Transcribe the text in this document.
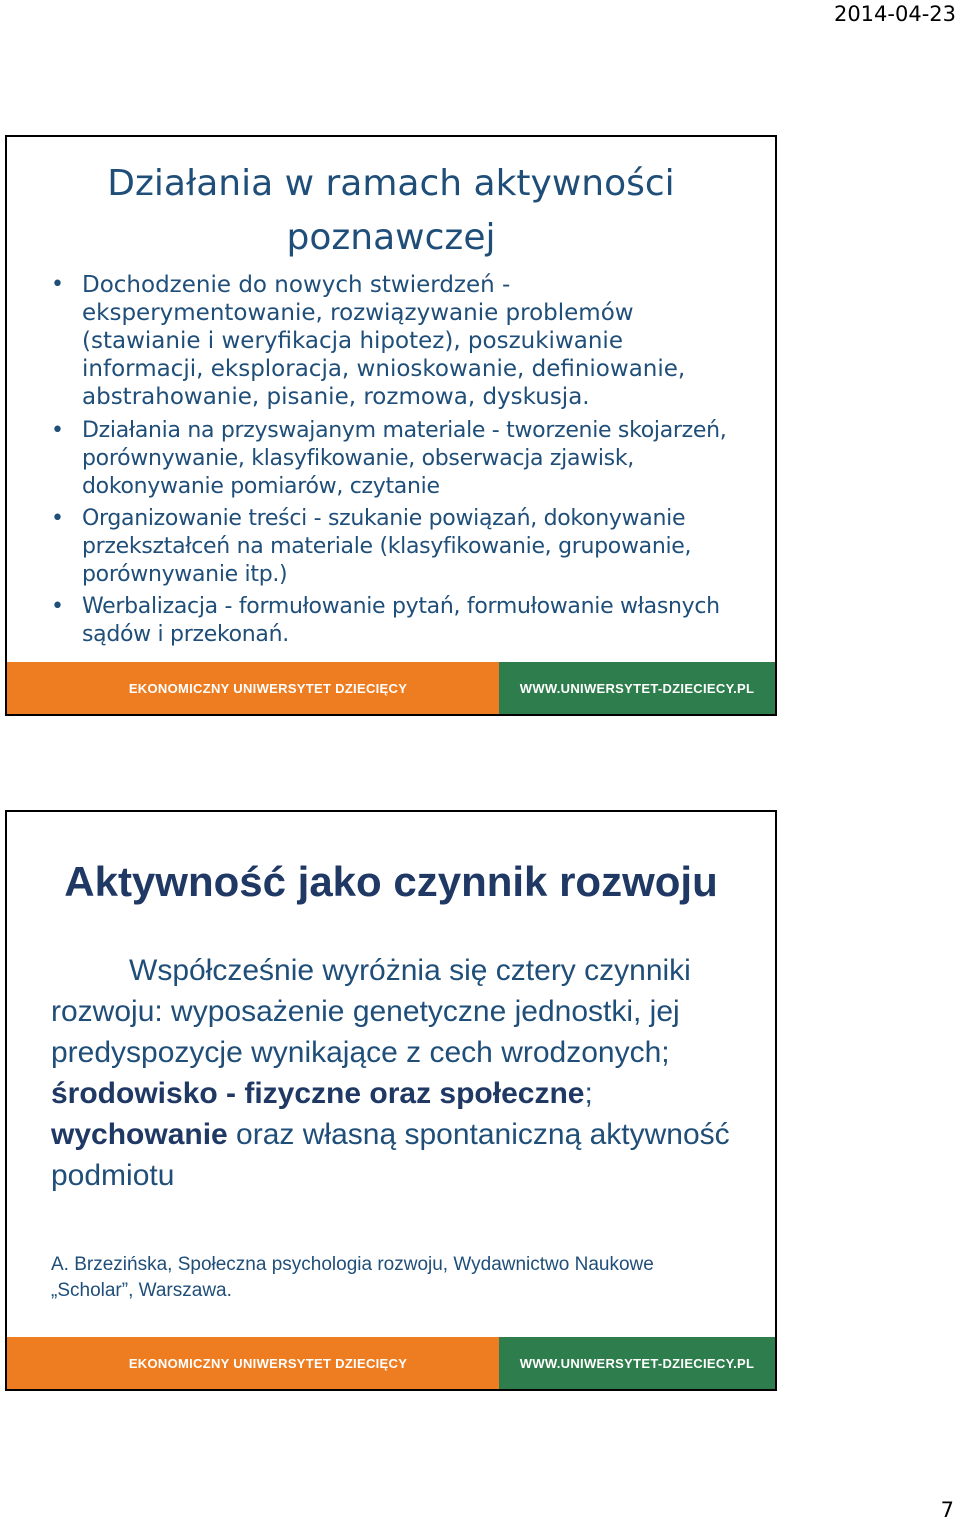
2014-04-23
Działania w ramach aktywności poznawczej
• Dochodzenie do nowych stwierdzeń - eksperymentowanie, rozwiązywanie problemów (stawianie i weryfikacja hipotez), poszukiwanie informacji, eksploracja, wnioskowanie, definiowanie, abstrahowanie, pisanie, rozmowa, dyskusja.
• Działania na przyswajanym materiale - tworzenie skojarzeń, porównywanie, klasyfikowanie, obserwacja zjawisk, dokonywanie pomiarów, czytanie
• Organizowanie treści - szukanie powiązań, dokonywanie przekształceń na materiale (klasyfikowanie, grupowanie, porównywanie itp.)
• Werbalizacja - formułowanie pytań, formułowanie własnych sądów i przekonań.
EKONOMICZNY UNIWERSYTET DZIECIĘCY	WWW.UNIWERSYTET-DZIECIECY.PL
Aktywność jako czynnik rozwoju

Współcześnie wyróżnia się cztery czynniki rozwoju: wyposażenie genetyczne jednostki, jej predyspozycje wynikające z cech wrodzonych; środowisko - fizyczne oraz społeczne; wychowanie oraz własną spontaniczną aktywność podmiotu

A. Brzezińska, Społeczna psychologia rozwoju, Wydawnictwo Naukowe „Scholar”, Warszawa.

EKONOMICZNY UNIWERSYTET DZIECIĘCY	WWW.UNIWERSYTET-DZIECIECY.PL
7
